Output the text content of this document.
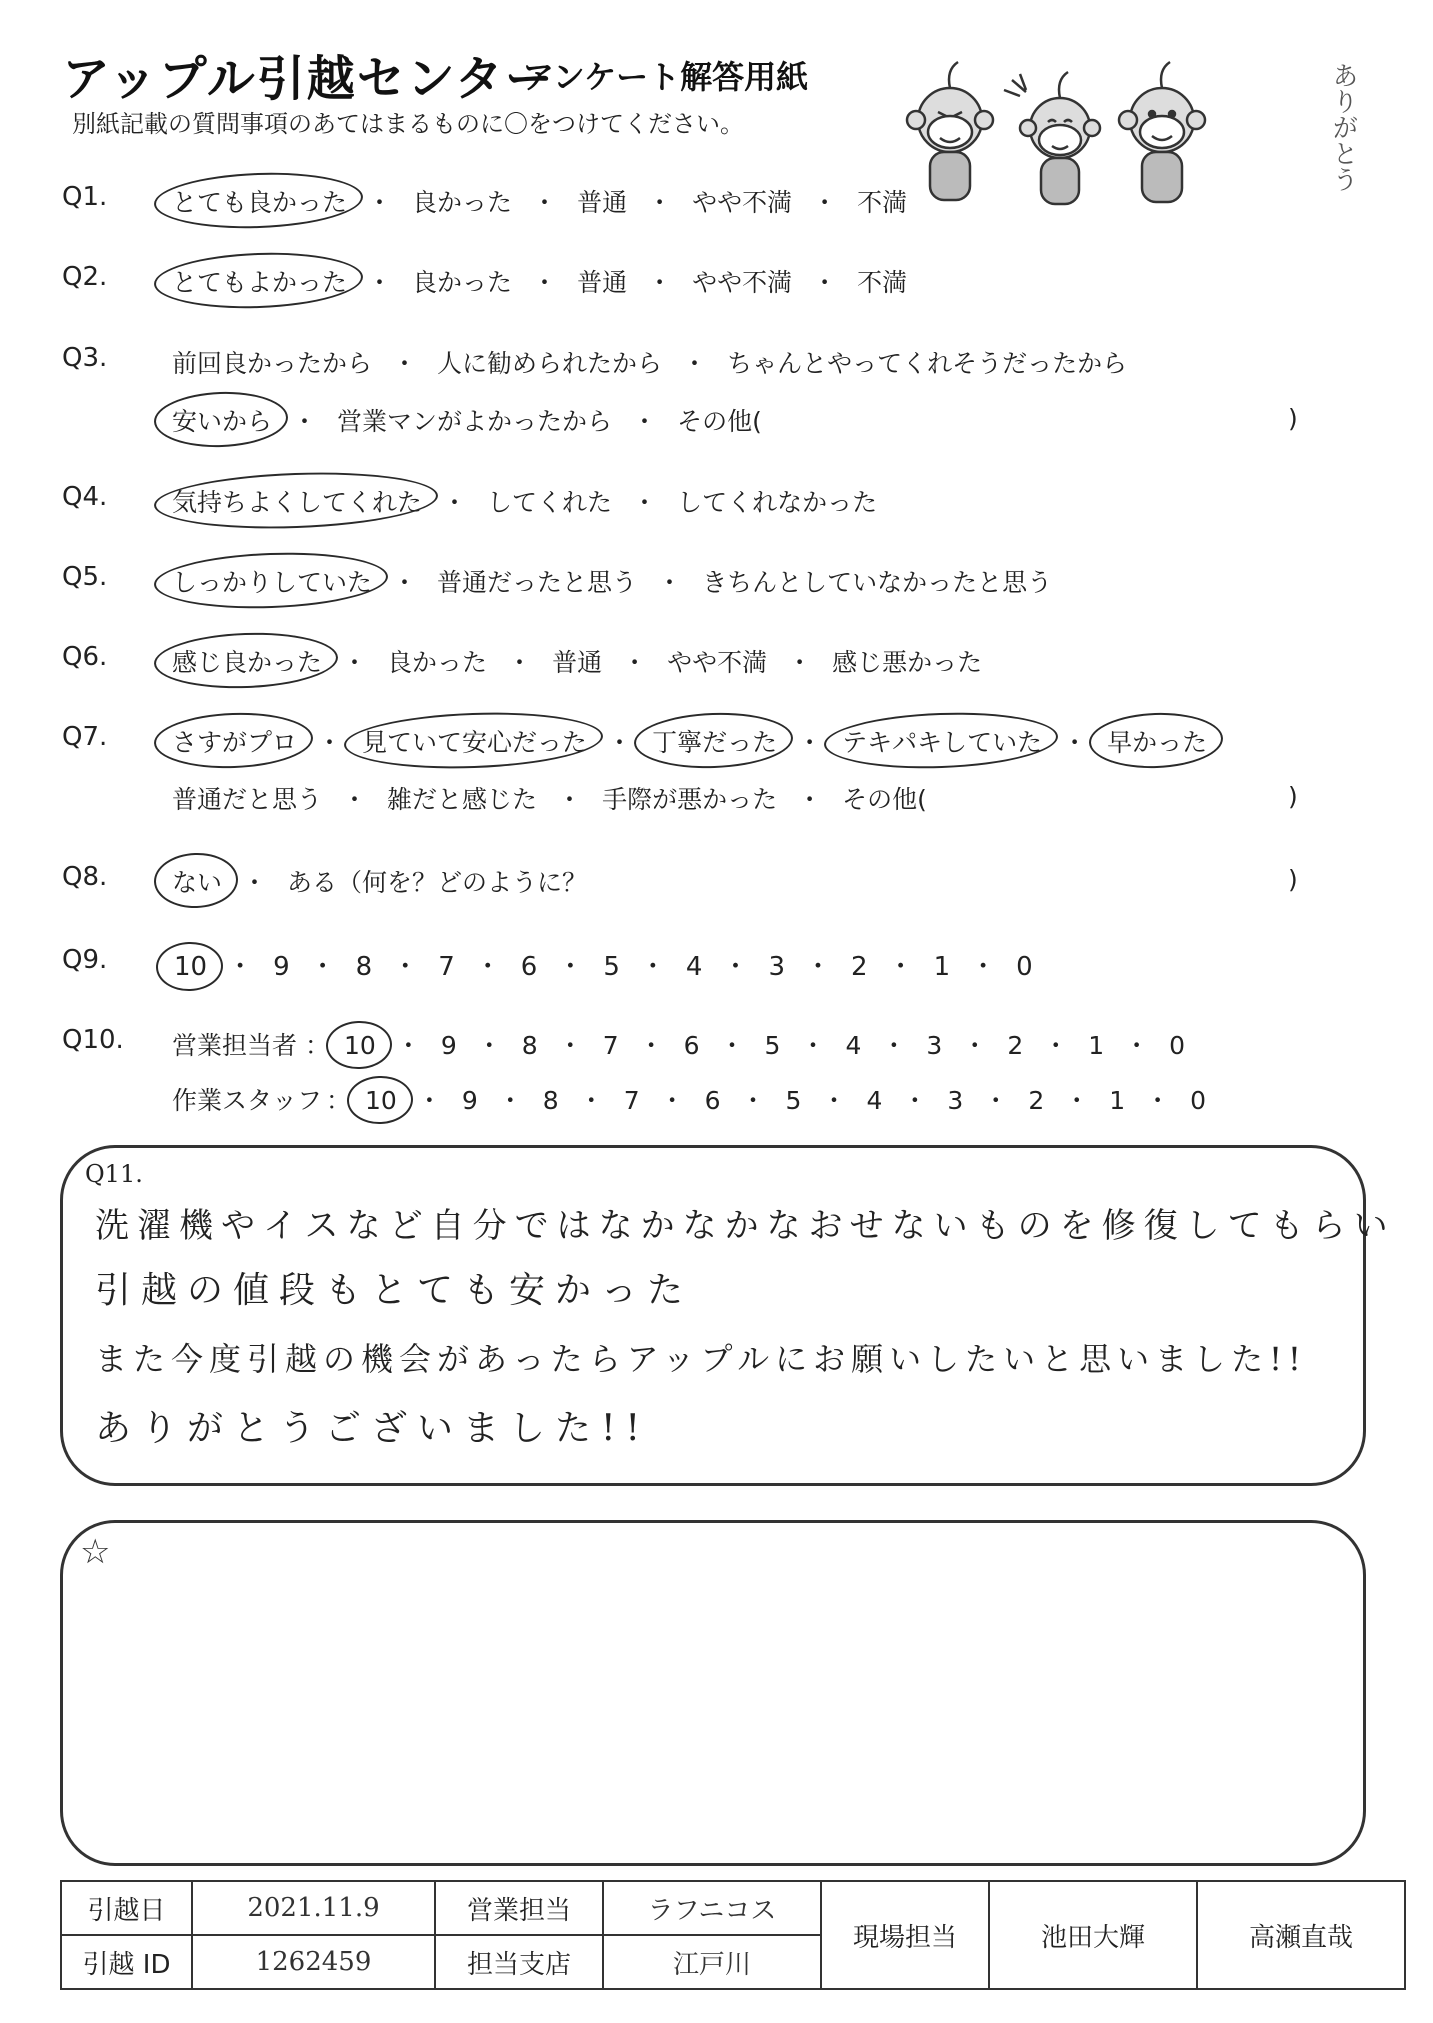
アップル引越センター
アンケート解答用紙
別紙記載の質問事項のあてはまるものに〇をつけてください。	ありがとう
Q1.	とても良かった ・ 良かった ・ 普通 ・ やや不満 ・ 不満
Q2.	とてもよかった ・ 良かった ・ 普通 ・ やや不満 ・ 不満
Q3.	前回良かったから ・ 人に勧められたから ・ ちゃんとやってくれそうだったから
安いから ・ 営業マンがよかったから ・ その他(	)
Q4.	気持ちよくしてくれた ・ してくれた ・ してくれなかった
Q5.	しっかりしていた ・ 普通だったと思う ・ きちんとしていなかったと思う
Q6.	感じ良かった ・ 良かった ・ 普通 ・ やや不満 ・ 感じ悪かった
Q7.	さすがプロ ・ 見ていて安心だった ・ 丁寧だった ・ テキパキしていた ・ 早かった
普通だと思う ・ 雑だと感じた ・ 手際が悪かった ・ その他(	)
Q8.	ない ・ ある（何を？どのように？	)
Q9.	10 ・ 9 ・ 8 ・ 7 ・ 6 ・ 5 ・ 4 ・ 3 ・ 2 ・ 1 ・ 0
Q10. 営業担当者 ： 10 ・ 9 ・ 8 ・ 7 ・ 6 ・ 5 ・ 4 ・ 3 ・ 2 ・ 1 ・ 0
作業スタッフ ： 10 ・ 9 ・ 8 ・ 7 ・ 6 ・ 5 ・ 4 ・ 3 ・ 2 ・ 1 ・ 0
Q11.
洗濯機やイスなど自分ではなかなかなおせないものを修復してもらい
引越の値段もとても安かった
また今度引越の機会があったらアップルにお願いしたいと思いました!!
ありがとうございました!!
☆
引越日	2021.11.9	営業担当	ラフニコス	現場担当	池田大輝	高瀬直哉
引越 ID	1262459	担当支店	江戸川			
